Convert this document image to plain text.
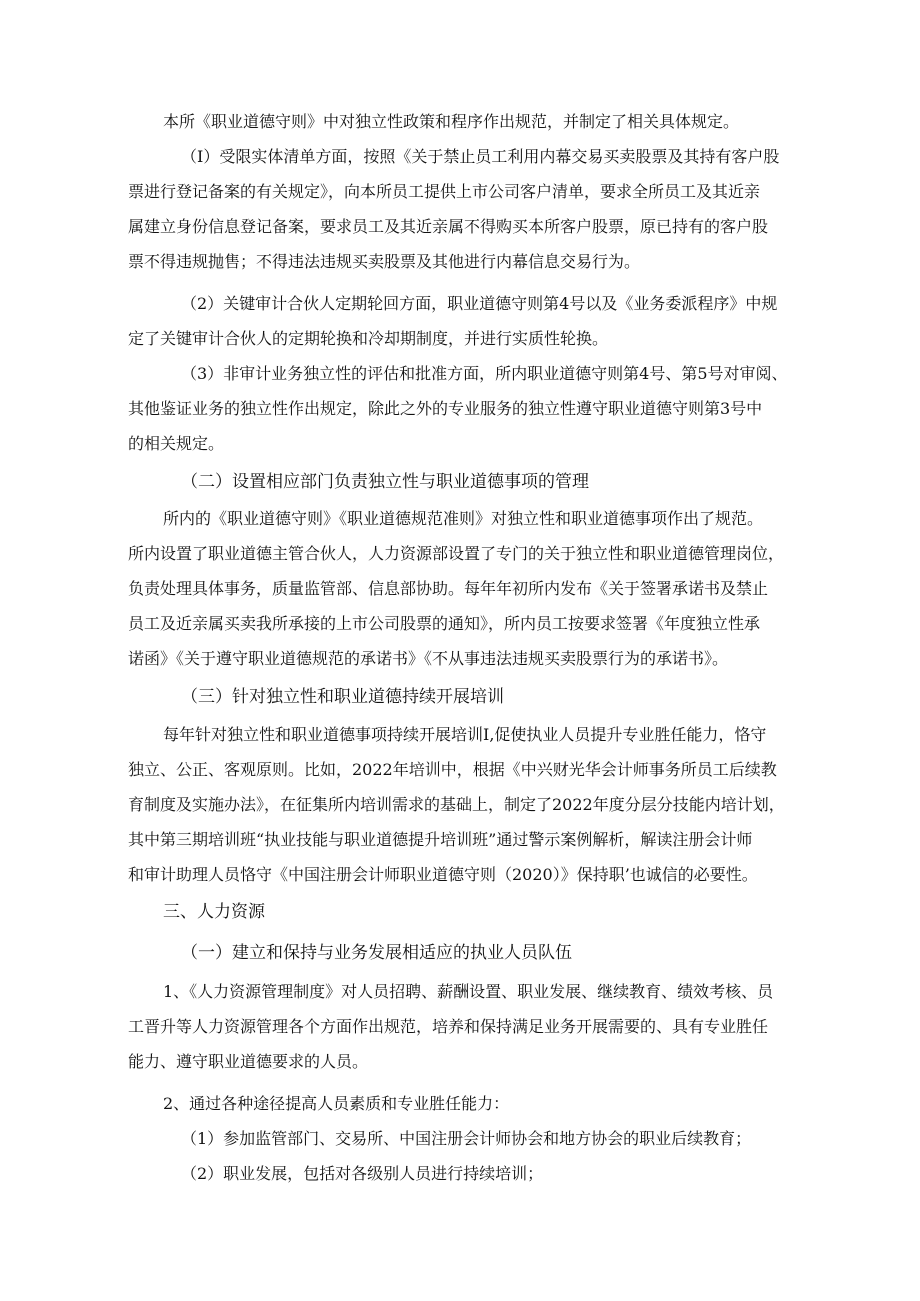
本所《职业道德守则》中对独立性政策和程序作出规范，并制定了相关具体规定。

（I）受限实体清单方面，按照《关于禁止员工利用内幕交易买卖股票及其持有客户股

票进行登记备案的有关规定》，向本所员工提供上市公司客户清单，要求全所员工及其近亲

属建立身份信息登记备案，要求员工及其近亲属不得购买本所客户股票，原已持有的客户股

票不得违规抛售；不得违法违规买卖股票及其他进行内幕信息交易行为。

（2）关键审计合伙人定期轮回方面，职业道德守则第4号以及《业务委派程序》中规

定了关键审计合伙人的定期轮换和冷却期制度，并进行实质性轮换。

（3）非审计业务独立性的评估和批准方面，所内职业道德守则第4号、第5号对审阅、

其他鉴证业务的独立性作出规定，除此之外的专业服务的独立性遵守职业道德守则第3号中

的相关规定。

（二）设置相应部门负责独立性与职业道德事项的管理

所内的《职业道德守则》《职业道德规范准则》对独立性和职业道德事项作出了规范。

所内设置了职业道德主管合伙人，人力资源部设置了专门的关于独立性和职业道德管理岗位，

负责处理具体事务，质量监管部、信息部协助。每年年初所内发布《关于签署承诺书及禁止

员工及近亲属买卖我所承接的上市公司股票的通知》，所内员工按要求签署《年度独立性承

诺函》《关于遵守职业道德规范的承诺书》《不从事违法违规买卖股票行为的承诺书》。

（三）针对独立性和职业道德持续开展培训

每年针对独立性和职业道德事项持续开展培训I,促使执业人员提升专业胜任能力，恪守

独立、公正、客观原则。比如，2022年培训中，根据《中兴财光华会计师事务所员工后续教

育制度及实施办法》，在征集所内培训需求的基础上，制定了2022年度分层分技能内培计划，

其中第三期培训班“执业技能与职业道德提升培训班”通过警示案例解析，解读注册会计师

和审计助理人员恪守《中国注册会计师职业道德守则（2020）》保持职’也诚信的必要性。

三、人力资源

（一）建立和保持与业务发展相适应的执业人员队伍

1、《人力资源管理制度》对人员招聘、薪酬设置、职业发展、继续教育、绩效考核、员

工晋升等人力资源管理各个方面作出规范，培养和保持满足业务开展需要的、具有专业胜任

能力、遵守职业道德要求的人员。

2、通过各种途径提高人员素质和专业胜任能力：

（1）参加监管部门、交易所、中国注册会计师协会和地方协会的职业后续教育；

（2）职业发展，包括对各级别人员进行持续培训；
